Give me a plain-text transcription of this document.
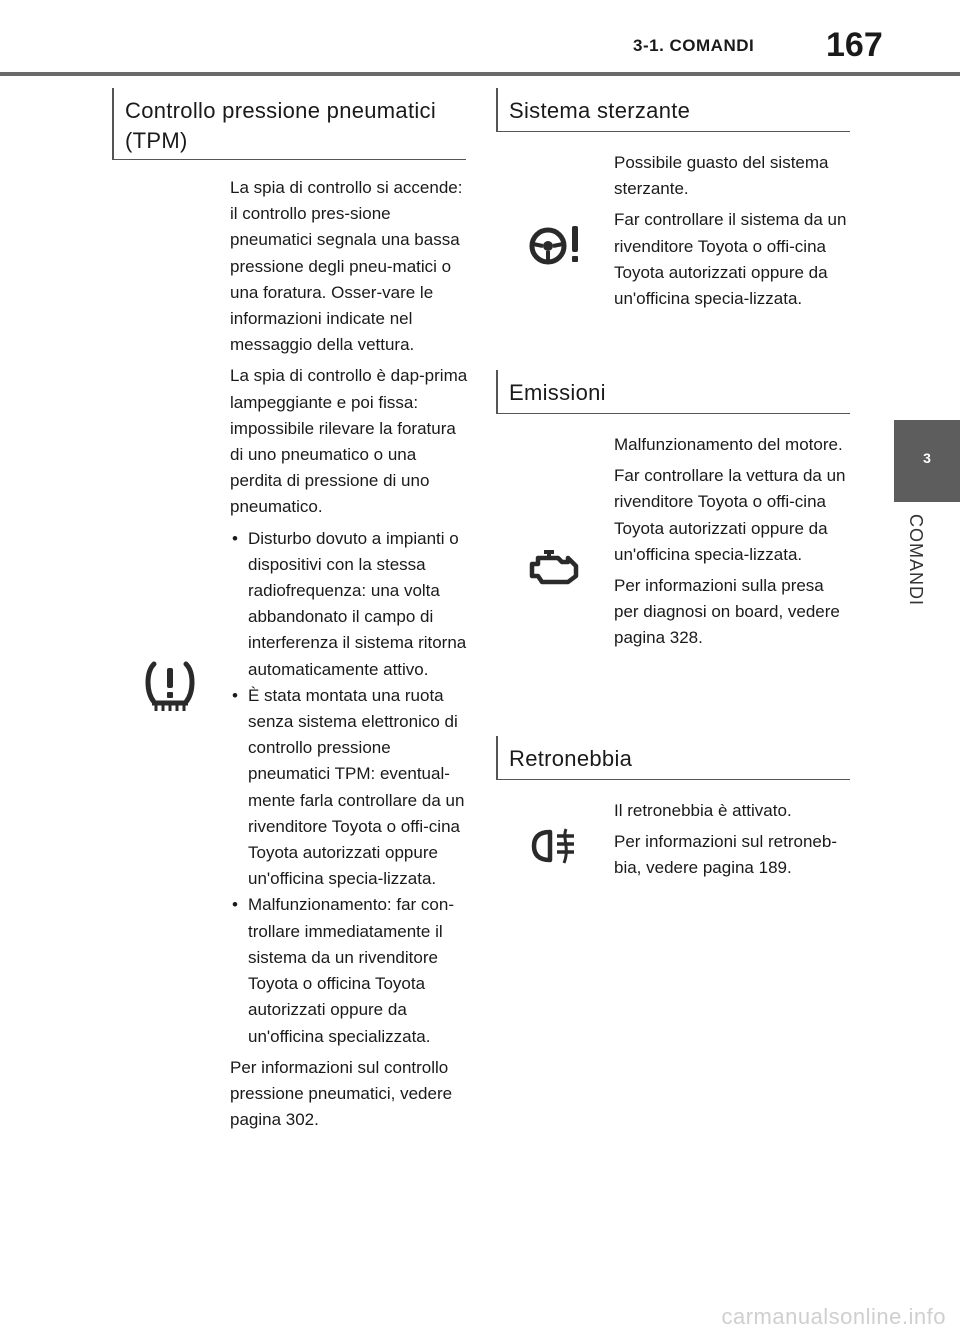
3-1. COMANDI 167
3
COMANDI
Controllo pressione pneumatici (TPM)

La spia di controllo si accende: il controllo pres-sione pneumatici segnala una bassa pressione degli pneu-matici o una foratura. Osser-vare le informazioni indicate nel messaggio della vettura.

La spia di controllo è dap-prima lampeggiante e poi fissa: impossibile rilevare la foratura di uno pneumatico o una perdita di pressione di uno pneumatico.

• Disturbo dovuto a impianti o dispositivi con la stessa radiofrequenza: una volta abbandonato il campo di interferenza il sistema ritorna automaticamente attivo.
• È stata montata una ruota senza sistema elettronico di controllo pressione pneumatici TPM: eventual-mente farla controllare da un rivenditore Toyota o offi-cina Toyota autorizzati oppure un'officina specia-lizzata.
• Malfunzionamento: far con-trollare immediatamente il sistema da un rivenditore Toyota o officina Toyota autorizzati oppure da un'officina specializzata.

Per informazioni sul controllo pressione pneumatici, vedere pagina 302.

Sistema sterzante

Possibile guasto del sistema sterzante.

Far controllare il sistema da un rivenditore Toyota o offi-cina Toyota autorizzati oppure da un'officina specia-lizzata.

Emissioni

Malfunzionamento del motore.

Far controllare la vettura da un rivenditore Toyota o offi-cina Toyota autorizzati oppure da un'officina specia-lizzata.

Per informazioni sulla presa per diagnosi on board, vedere pagina 328.

Retronebbia

Il retronebbia è attivato.

Per informazioni sul retroneb-bia, vedere pagina 189.

carmanualsonline.info
